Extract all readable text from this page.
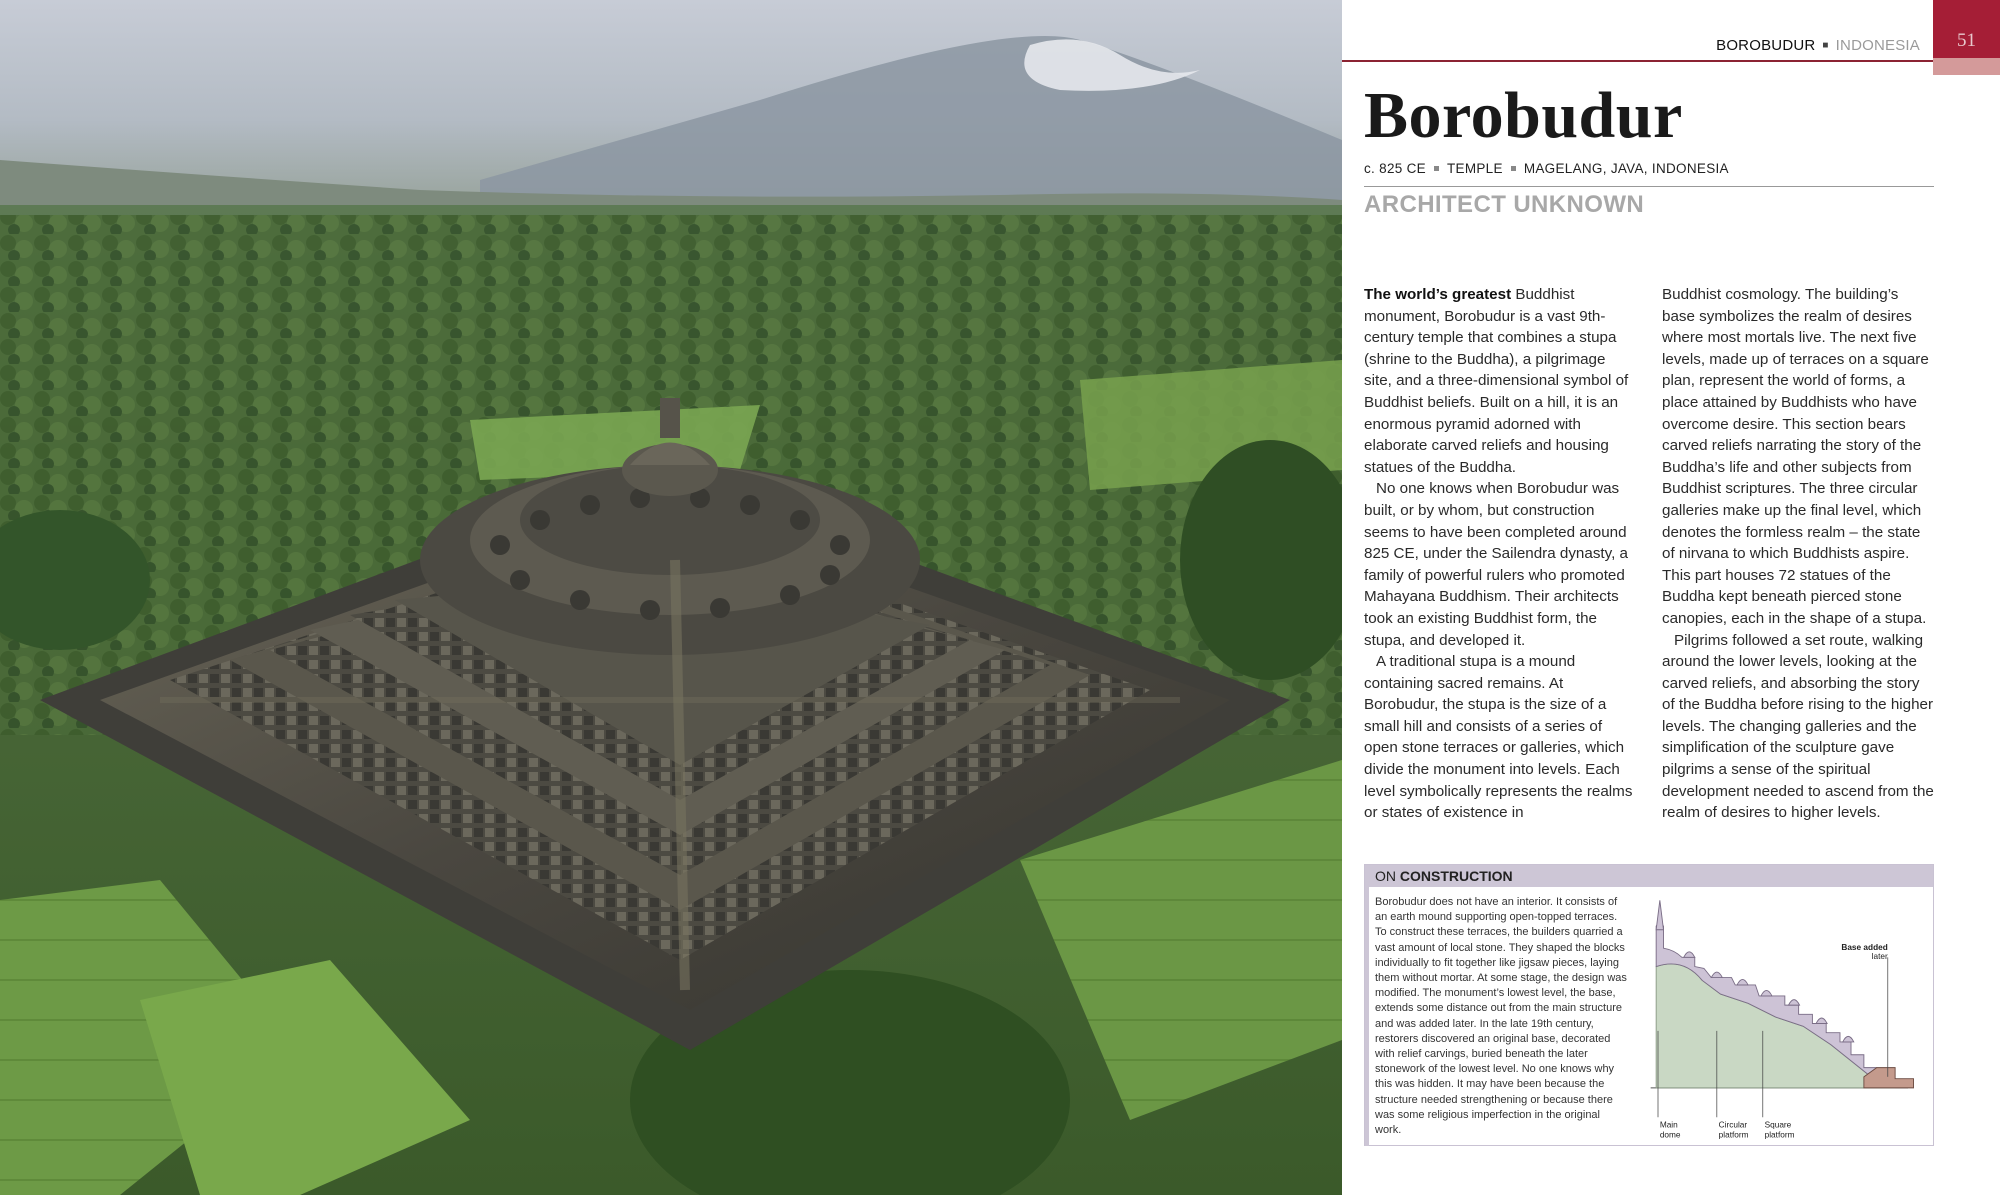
BOROBUDUR ■ INDONESIA	51
Borobudur
c. 825 CE TEMPLE MAGELANG, JAVA, INDONESIA
ARCHITECT UNKNOWN

The world’s greatest Buddhist monument, Borobudur is a vast 9th-century temple that combines a stupa (shrine to the Buddha), a pilgrimage site, and a three-dimensional symbol of Buddhist beliefs. Built on a hill, it is an enormous pyramid adorned with elaborate carved reliefs and housing statues of the Buddha.

No one knows when Borobudur was built, or by whom, but construction seems to have been completed around 825 CE, under the Sailendra dynasty, a family of powerful rulers who promoted Mahayana Buddhism. Their architects took an existing Buddhist form, the stupa, and developed it.

A traditional stupa is a mound containing sacred remains. At Borobudur, the stupa is the size of a small hill and consists of a series of open stone terraces or galleries, which divide the monument into levels. Each level symbolically represents the realms or states of existence in

Buddhist cosmology. The building’s base symbolizes the realm of desires where most mortals live. The next five levels, made up of terraces on a square plan, represent the world of forms, a place attained by Buddhists who have overcome desire. This section bears carved reliefs narrating the story of the Buddha’s life and other subjects from Buddhist scriptures. The three circular galleries make up the final level, which denotes the formless realm – the state of nirvana to which Buddhists aspire. This part houses 72 statues of the Buddha kept beneath pierced stone canopies, each in the shape of a stupa.

Pilgrims followed a set route, walking around the lower levels, looking at the carved reliefs, and absorbing the story of the Buddha before rising to the higher levels. The changing galleries and the simplification of the sculpture gave pilgrims a sense of the spiritual development needed to ascend from the realm of desires to higher levels.

ON CONSTRUCTION
Borobudur does not have an interior. It consists of an earth mound supporting open-topped terraces. To construct these terraces, the builders quarried a vast amount of local stone. They shaped the blocks individually to fit together like jigsaw pieces, laying them without mortar. At some stage, the design was modified. The monument’s lowest level, the base, extends some distance out from the main structure and was added later. In the late 19th century, restorers discovered an original base, decorated with relief carvings, buried beneath the later stonework of the lowest level. No one knows why this was hidden. It may have been because the structure needed strengthening or because there was some religious imperfection in the original work.
Base added
later
Main
dome
Circular
platform
Square
platform
